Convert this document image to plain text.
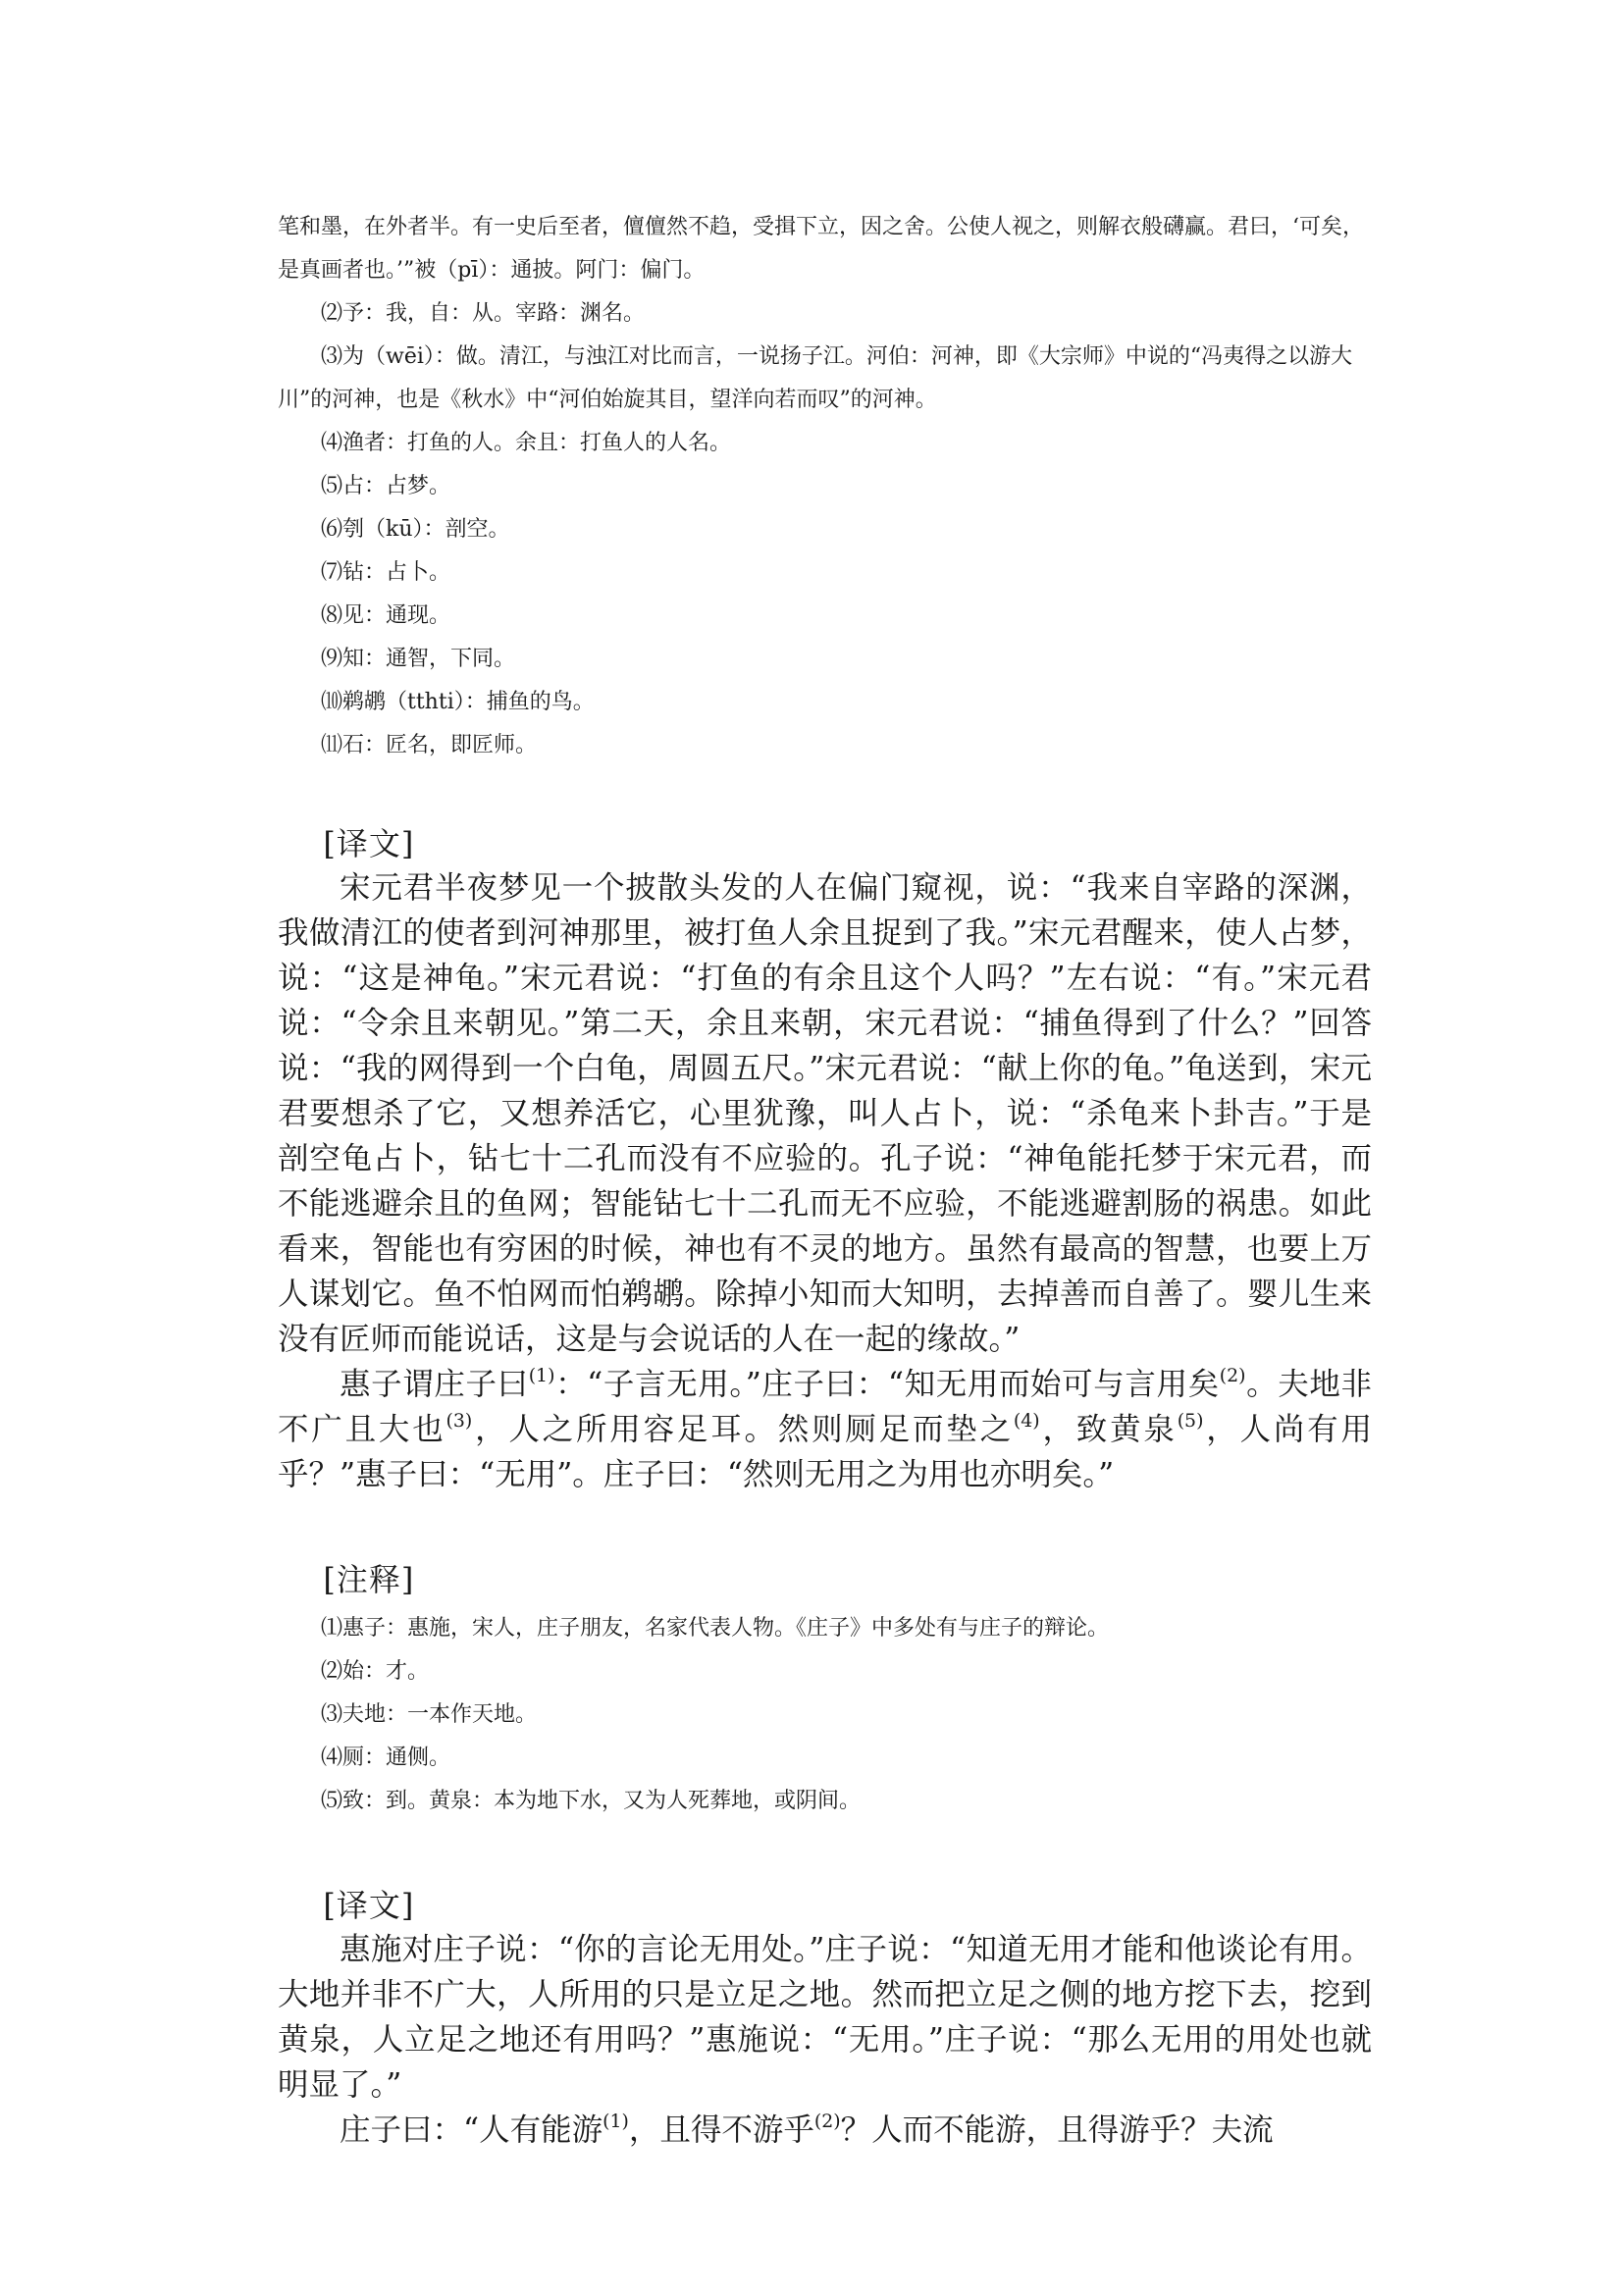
笔和墨，在外者半。有一史后至者，儃儃然不趋，受揖下立，因之舍。公使人视之，则解衣般礴赢。君曰，‘可矣，是真画者也。’”被（pī）：通披。阿门：偏门。

⑵予：我，自：从。宰路：渊名。

⑶为（wēi）：做。清江，与浊江对比而言，一说扬子江。河伯：河神，即《大宗师》中说的“冯夷得之以游大川”的河神，也是《秋水》中“河伯始旋其目，望洋向若而叹”的河神。

⑷渔者：打鱼的人。余且：打鱼人的人名。

⑸占：占梦。

⑹刳（kū）：剖空。

⑺钻：占卜。

⑻见：通现。

⑼知：通智，下同。

⑽鹈鹕（tthti）：捕鱼的鸟。

⑾石：匠名，即匠师。

[译文]

宋元君半夜梦见一个披散头发的人在偏门窥视，说：“我来自宰路的深渊，我做清江的使者到河神那里，被打鱼人余且捉到了我。”宋元君醒来，使人占梦，说：“这是神龟。”宋元君说：“打鱼的有余且这个人吗？”左右说：“有。”宋元君说：“令余且来朝见。”第二天，余且来朝，宋元君说：“捕鱼得到了什么？”回答说：“我的网得到一个白龟，周圆五尺。”宋元君说：“献上你的龟。”龟送到，宋元君要想杀了它，又想养活它，心里犹豫，叫人占卜，说：“杀龟来卜卦吉。”于是剖空龟占卜，钻七十二孔而没有不应验的。孔子说：“神龟能托梦于宋元君，而不能逃避余且的鱼网；智能钻七十二孔而无不应验，不能逃避割肠的祸患。如此看来，智能也有穷困的时候，神也有不灵的地方。虽然有最高的智慧，也要上万人谋划它。鱼不怕网而怕鹈鹕。除掉小知而大知明，去掉善而自善了。婴儿生来没有匠师而能说话，这是与会说话的人在一起的缘故。”

惠子谓庄子曰$^{(1)}$：“子言无用。”庄子曰：“知无用而始可与言用矣$^{(2)}$。夫地非不广且大也$^{(3)}$，人之所用容足耳。然则厕足而垫之$^{(4)}$，致黄泉$^{(5)}$，人尚有用乎？”惠子曰：“无用”。庄子曰：“然则无用之为用也亦明矣。”

[注释]

⑴惠子：惠施，宋人，庄子朋友，名家代表人物。《庄子》中多处有与庄子的辩论。

⑵始：才。

⑶夫地：一本作天地。

⑷厕：通侧。

⑸致：到。黄泉：本为地下水，又为人死葬地，或阴间。

[译文]

惠施对庄子说：“你的言论无用处。”庄子说：“知道无用才能和他谈论有用。大地并非不广大，人所用的只是立足之地。然而把立足之侧的地方挖下去，挖到黄泉，人立足之地还有用吗？”惠施说：“无用。”庄子说：“那么无用的用处也就明显了。”

庄子曰：“人有能游$^{(1)}$，且得不游乎$^{(2)}$？人而不能游，且得游乎？夫流
